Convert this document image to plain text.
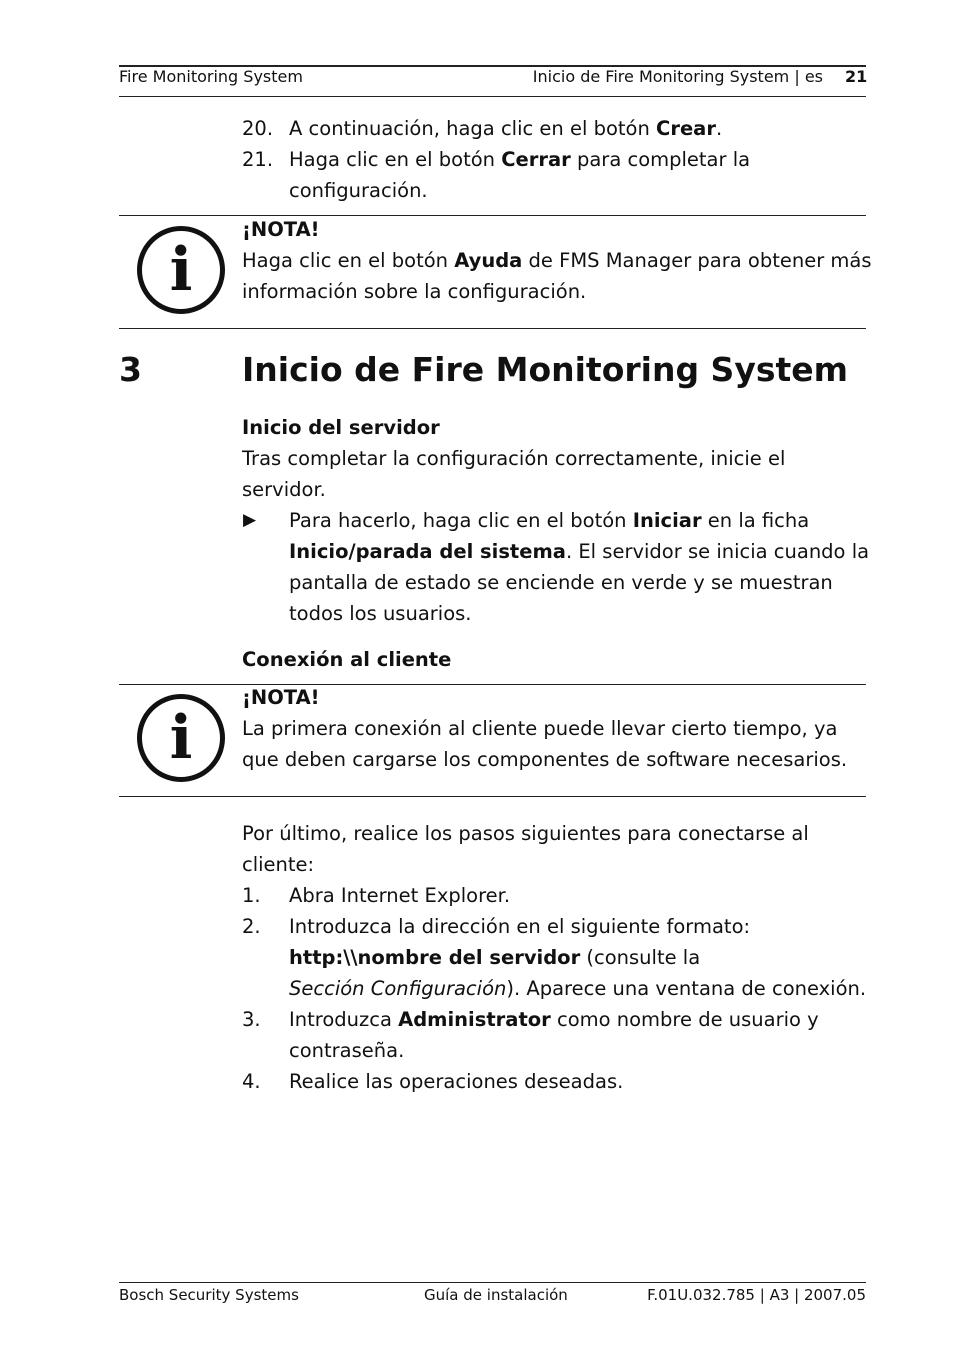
Fire Monitoring System	Inicio de Fire Monitoring System | es 21
20. A continuación, haga clic en el botón Crear.
21. Haga clic en el botón Cerrar para completar la
configuración.
i
¡NOTA!
Haga clic en el botón Ayuda de FMS Manager para obtener más
información sobre la configuración.
3	Inicio de Fire Monitoring System
Inicio del servidor
Tras completar la configuración correctamente, inicie el
servidor.
▶ Para hacerlo, haga clic en el botón Iniciar en la ficha
Inicio/parada del sistema. El servidor se inicia cuando la
pantalla de estado se enciende en verde y se muestran
todos los usuarios.
Conexión al cliente
i
¡NOTA!
La primera conexión al cliente puede llevar cierto tiempo, ya
que deben cargarse los componentes de software necesarios.
Por último, realice los pasos siguientes para conectarse al
cliente:
1. Abra Internet Explorer.
2. Introduzca la dirección en el siguiente formato:
http:\\nombre del servidor (consulte la
Sección Configuración). Aparece una ventana de conexión.
3. Introduzca Administrator como nombre de usuario y
contraseña.
4. Realice las operaciones deseadas.
Bosch Security Systems	Guía de instalación	F.01U.032.785 | A3 | 2007.05
